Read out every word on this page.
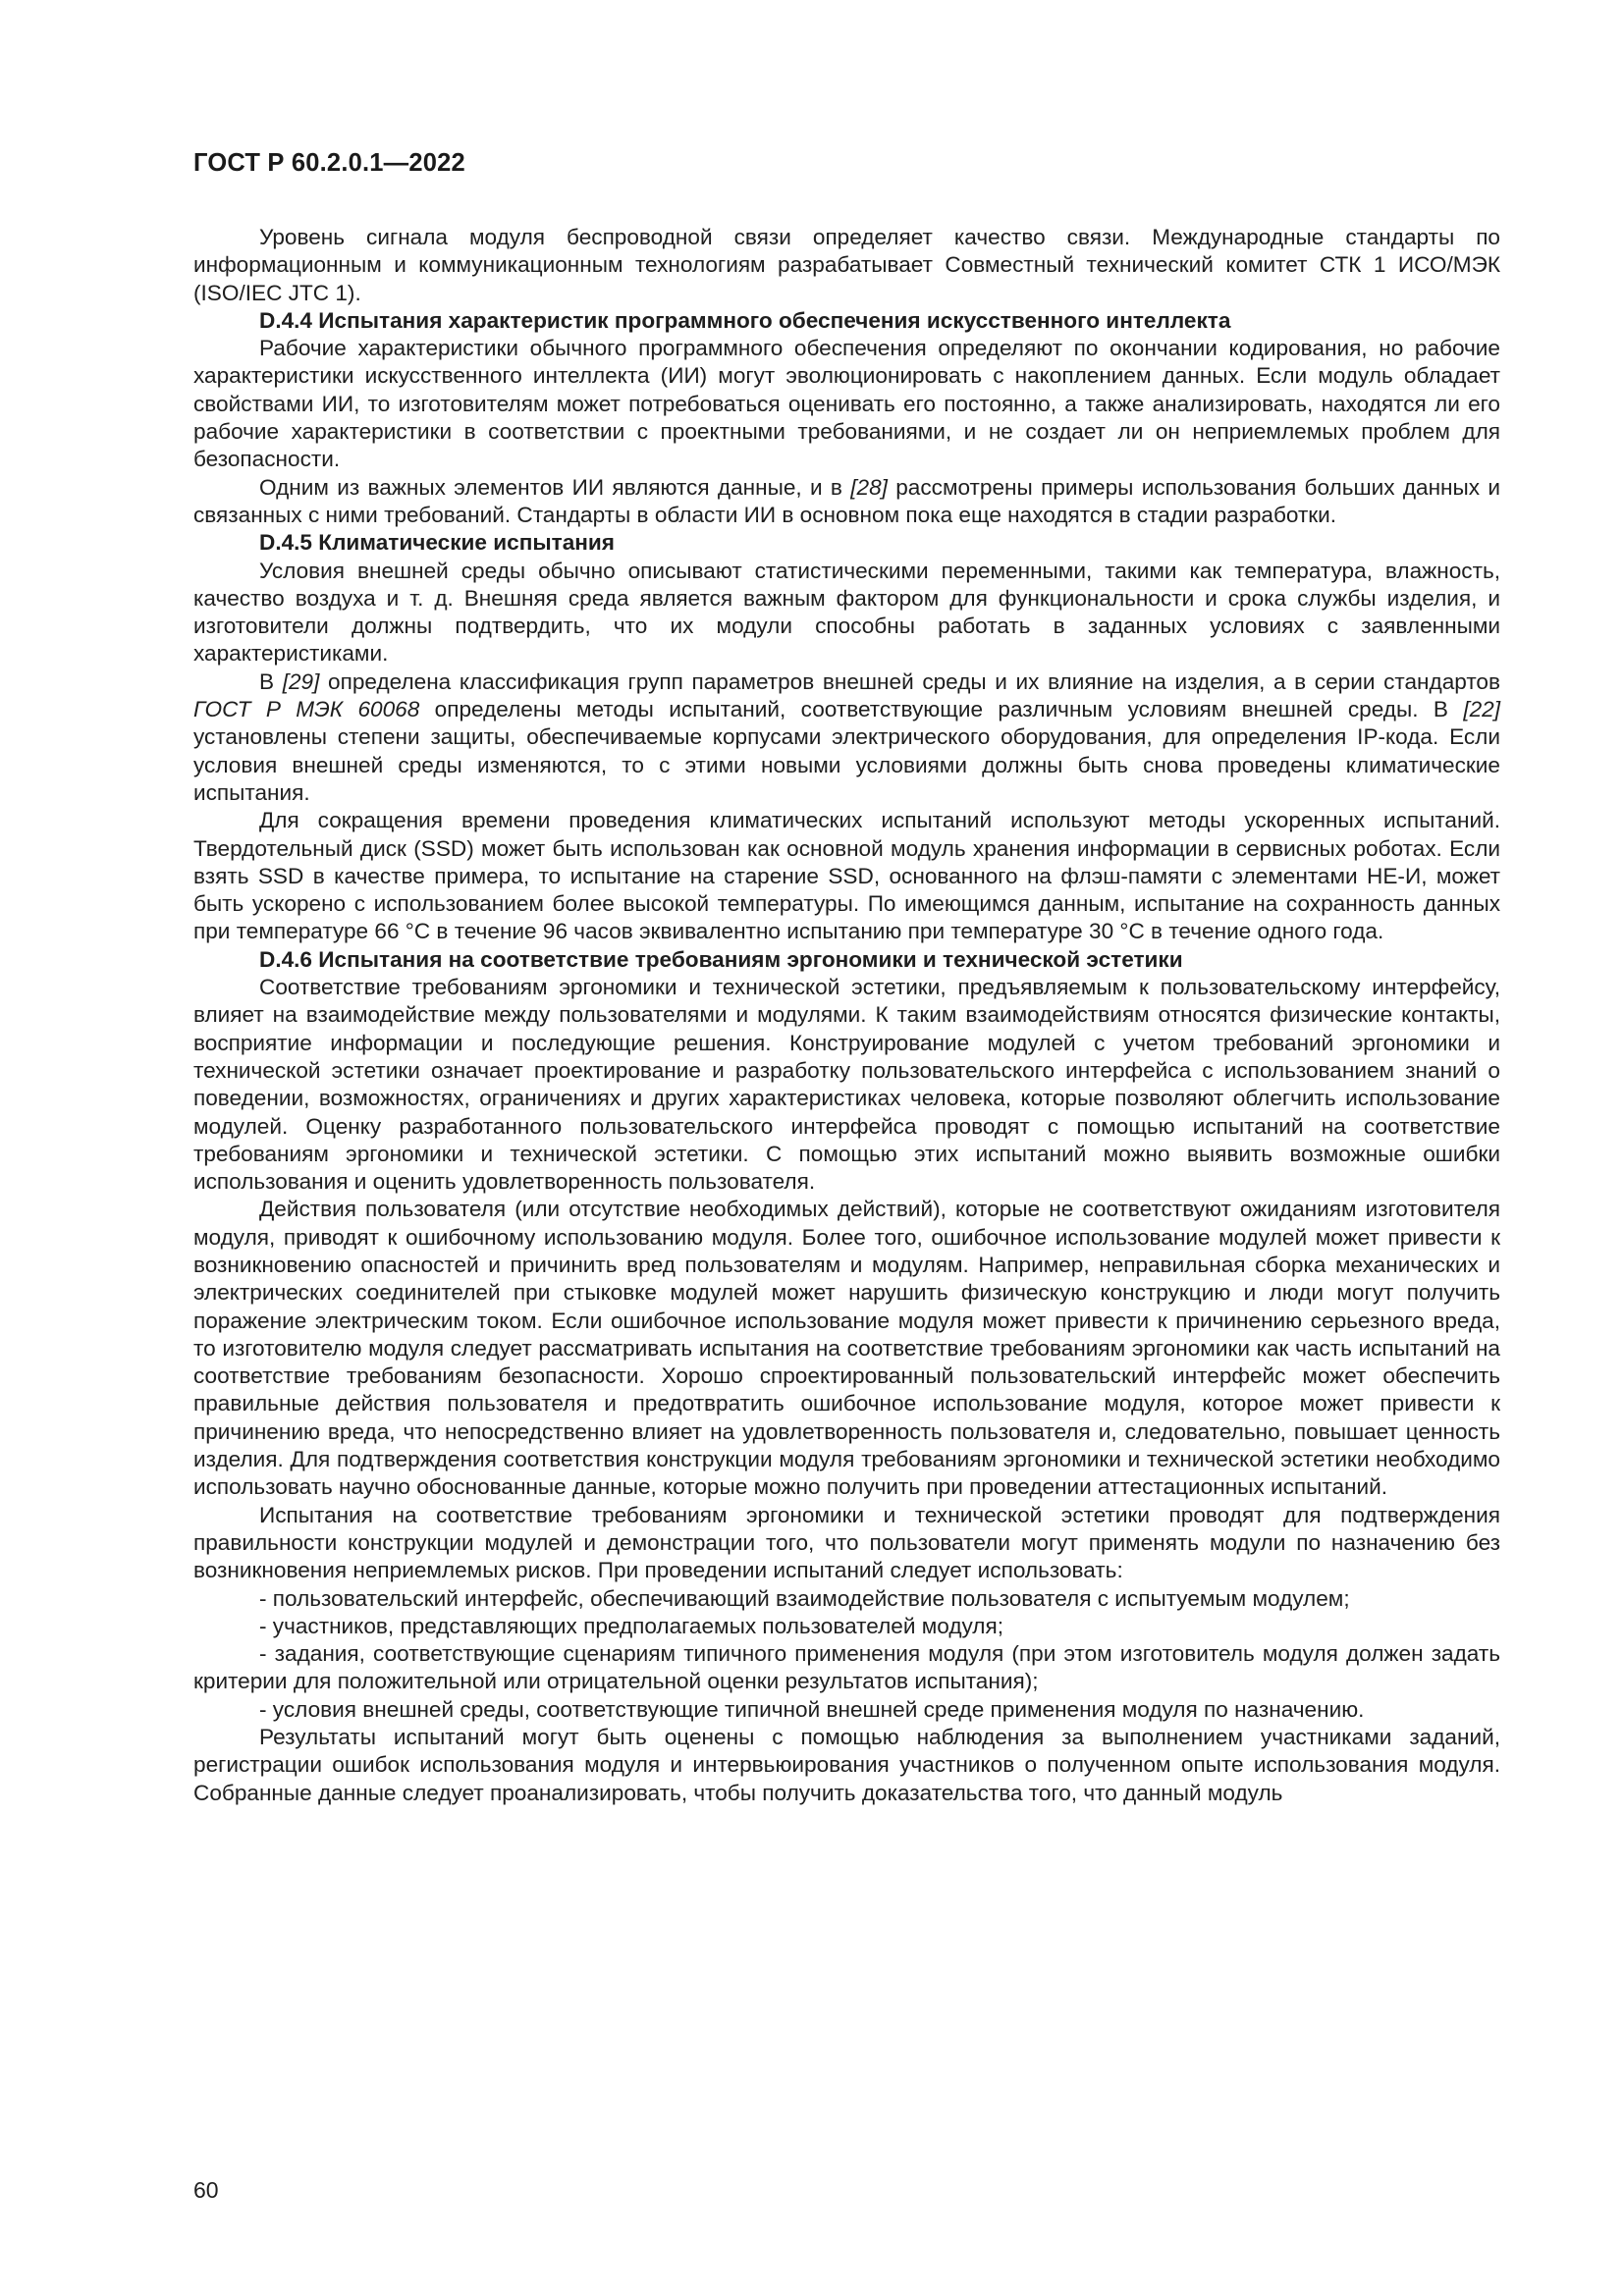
ГОСТ Р 60.2.0.1—2022

Уровень сигнала модуля беспроводной связи определяет качество связи. Международные стандарты по информационным и коммуникационным технологиям разрабатывает Совместный технический комитет СТК 1 ИСО/МЭК (ISO/IEC JTC 1).

D.4.4 Испытания характеристик программного обеспечения искусственного интеллекта

Рабочие характеристики обычного программного обеспечения определяют по окончании кодирования, но рабочие характеристики искусственного интеллекта (ИИ) могут эволюционировать с накоплением данных. Если модуль обладает свойствами ИИ, то изготовителям может потребоваться оценивать его постоянно, а также анализировать, находятся ли его рабочие характеристики в соответствии с проектными требованиями, и не создает ли он неприемлемых проблем для безопасности.

Одним из важных элементов ИИ являются данные, и в [28] рассмотрены примеры использования больших данных и связанных с ними требований. Стандарты в области ИИ в основном пока еще находятся в стадии разработки.

D.4.5 Климатические испытания

Условия внешней среды обычно описывают статистическими переменными, такими как температура, влажность, качество воздуха и т. д. Внешняя среда является важным фактором для функциональности и срока службы изделия, и изготовители должны подтвердить, что их модули способны работать в заданных условиях с заявленными характеристиками.

В [29] определена классификация групп параметров внешней среды и их влияние на изделия, а в серии стандартов ГОСТ Р МЭК 60068 определены методы испытаний, соответствующие различным условиям внешней среды. В [22] установлены степени защиты, обеспечиваемые корпусами электрического оборудования, для определения IP-кода. Если условия внешней среды изменяются, то с этими новыми условиями должны быть снова проведены климатические испытания.

Для сокращения времени проведения климатических испытаний используют методы ускоренных испытаний. Твердотельный диск (SSD) может быть использован как основной модуль хранения информации в сервисных роботах. Если взять SSD в качестве примера, то испытание на старение SSD, основанного на флэш-памяти с элементами НЕ-И, может быть ускорено с использованием более высокой температуры. По имеющимся данным, испытание на сохранность данных при температуре 66 °С в течение 96 часов эквивалентно испытанию при температуре 30 °С в течение одного года.

D.4.6 Испытания на соответствие требованиям эргономики и технической эстетики

Соответствие требованиям эргономики и технической эстетики, предъявляемым к пользовательскому интерфейсу, влияет на взаимодействие между пользователями и модулями. К таким взаимодействиям относятся физические контакты, восприятие информации и последующие решения. Конструирование модулей с учетом требований эргономики и технической эстетики означает проектирование и разработку пользовательского интерфейса с использованием знаний о поведении, возможностях, ограничениях и других характеристиках человека, которые позволяют облегчить использование модулей. Оценку разработанного пользовательского интерфейса проводят с помощью испытаний на соответствие требованиям эргономики и технической эстетики. С помощью этих испытаний можно выявить возможные ошибки использования и оценить удовлетворенность пользователя.

Действия пользователя (или отсутствие необходимых действий), которые не соответствуют ожиданиям изготовителя модуля, приводят к ошибочному использованию модуля. Более того, ошибочное использование модулей может привести к возникновению опасностей и причинить вред пользователям и модулям. Например, неправильная сборка механических и электрических соединителей при стыковке модулей может нарушить физическую конструкцию и люди могут получить поражение электрическим током. Если ошибочное использование модуля может привести к причинению серьезного вреда, то изготовителю модуля следует рассматривать испытания на соответствие требованиям эргономики как часть испытаний на соответствие требованиям безопасности. Хорошо спроектированный пользовательский интерфейс может обеспечить правильные действия пользователя и предотвратить ошибочное использование модуля, которое может привести к причинению вреда, что непосредственно влияет на удовлетворенность пользователя и, следовательно, повышает ценность изделия. Для подтверждения соответствия конструкции модуля требованиям эргономики и технической эстетики необходимо использовать научно обоснованные данные, которые можно получить при проведении аттестационных испытаний.

Испытания на соответствие требованиям эргономики и технической эстетики проводят для подтверждения правильности конструкции модулей и демонстрации того, что пользователи могут применять модули по назначению без возникновения неприемлемых рисков. При проведении испытаний следует использовать:

- пользовательский интерфейс, обеспечивающий взаимодействие пользователя с испытуемым модулем;

- участников, представляющих предполагаемых пользователей модуля;

- задания, соответствующие сценариям типичного применения модуля (при этом изготовитель модуля должен задать критерии для положительной или отрицательной оценки результатов испытания);

- условия внешней среды, соответствующие типичной внешней среде применения модуля по назначению.

Результаты испытаний могут быть оценены с помощью наблюдения за выполнением участниками заданий, регистрации ошибок использования модуля и интервьюирования участников о полученном опыте использования модуля. Собранные данные следует проанализировать, чтобы получить доказательства того, что данный модуль

60
